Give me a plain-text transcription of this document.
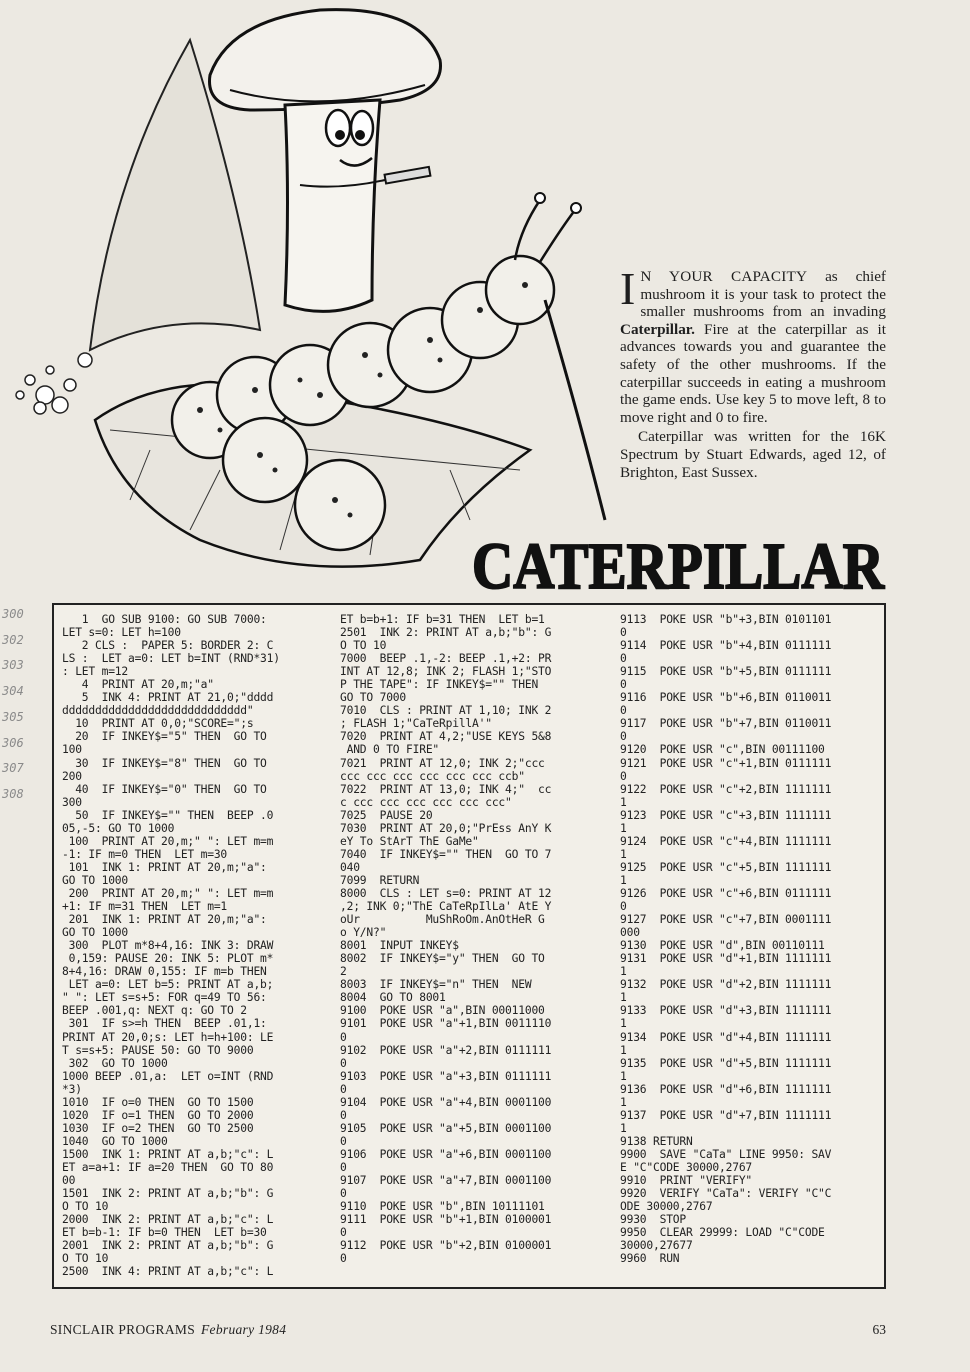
I N YOUR CAPACITY as chief mushroom it is your task to protect the smaller mushrooms from an invading Caterpillar. Fire at the caterpillar as it advances towards you and guarantee the safety of the other mushrooms. If the caterpillar succeeds in eating a mushroom the game ends. Use key 5 to move left, 8 to move right and 0 to fire.

Caterpillar was written for the 16K Spectrum by Stuart Edwards, aged 12, of Brighton, East Sussex.

CATERPILLAR
300
302
303
304
305
306
307
308
1  GO SUB 9100: GO SUB 7000:
LET s=0: LET h=100
2 CLS :  PAPER 5: BORDER 2: C
LS :  LET a=0: LET b=INT (RND*31)
: LET m=12
4  PRINT AT 20,m;"a"
5  INK 4: PRINT AT 21,0;"dddd
dddddddddddddddddddddddddddd"
10  PRINT AT 0,0;"SCORE=";s
20  IF INKEY$="5" THEN  GO TO
100
30  IF INKEY$="8" THEN  GO TO
200
40  IF INKEY$="0" THEN  GO TO
300
50  IF INKEY$="" THEN  BEEP .0
05,-5: GO TO 1000
100  PRINT AT 20,m;" ": LET m=m
-1: IF m=0 THEN  LET m=30
101  INK 1: PRINT AT 20,m;"a":
GO TO 1000
200  PRINT AT 20,m;" ": LET m=m
+1: IF m=31 THEN  LET m=1
201  INK 1: PRINT AT 20,m;"a":
GO TO 1000
300  PLOT m*8+4,16: INK 3: DRAW
0,159: PAUSE 20: INK 5: PLOT m*
8+4,16: DRAW 0,155: IF m=b THEN
LET a=0: LET b=5: PRINT AT a,b;
" ": LET s=s+5: FOR q=49 TO 56:
BEEP .001,q: NEXT q: GO TO 2
301  IF s>=h THEN  BEEP .01,1:
PRINT AT 20,0;s: LET h=h+100: LE
T s=s+5: PAUSE 50: GO TO 9000
302  GO TO 1000
1000 BEEP .01,a:  LET o=INT (RND
*3)
1010  IF o=0 THEN  GO TO 1500
1020  IF o=1 THEN  GO TO 2000
1030  IF o=2 THEN  GO TO 2500
1040  GO TO 1000
1500  INK 1: PRINT AT a,b;"c": L
ET a=a+1: IF a=20 THEN  GO TO 80
00
1501  INK 2: PRINT AT a,b;"b": G
O TO 10
2000  INK 2: PRINT AT a,b;"c": L
ET b=b-1: IF b=0 THEN  LET b=30
2001  INK 2: PRINT AT a,b;"b": G
O TO 10
2500  INK 4: PRINT AT a,b;"c": L
ET b=b+1: IF b=31 THEN  LET b=1
2501  INK 2: PRINT AT a,b;"b": G
O TO 10
7000  BEEP .1,-2: BEEP .1,+2: PR
INT AT 12,8; INK 2; FLASH 1;"STO
P THE TAPE": IF INKEY$="" THEN
GO TO 7000
7010  CLS : PRINT AT 1,10; INK 2
; FLASH 1;"CaTeRpillA'"
7020  PRINT AT 4,2;"USE KEYS 5&8
AND 0 TO FIRE"
7021  PRINT AT 12,0; INK 2;"ccc
ccc ccc ccc ccc ccc ccc ccb"
7022  PRINT AT 13,0; INK 4;"  cc
c ccc ccc ccc ccc ccc ccc"
7025  PAUSE 20
7030  PRINT AT 20,0;"PrEss AnY K
eY To StArT ThE GaMe"
7040  IF INKEY$="" THEN  GO TO 7
040
7099  RETURN
8000  CLS : LET s=0: PRINT AT 12
,2; INK 0;"ThE CaTeRpIlLa' AtE Y
oUr          MuShRoOm.AnOtHeR G
o Y/N?"
8001  INPUT INKEY$
8002  IF INKEY$="y" THEN  GO TO
2
8003  IF INKEY$="n" THEN  NEW
8004  GO TO 8001
9100  POKE USR "a",BIN 00011000
9101  POKE USR "a"+1,BIN 0011110
0
9102  POKE USR "a"+2,BIN 0111111
0
9103  POKE USR "a"+3,BIN 0111111
0
9104  POKE USR "a"+4,BIN 0001100
0
9105  POKE USR "a"+5,BIN 0001100
0
9106  POKE USR "a"+6,BIN 0001100
0
9107  POKE USR "a"+7,BIN 0001100
0
9110  POKE USR "b",BIN 10111101
9111  POKE USR "b"+1,BIN 0100001
0
9112  POKE USR "b"+2,BIN 0100001
0
9113  POKE USR "b"+3,BIN 0101101
0
9114  POKE USR "b"+4,BIN 0111111
0
9115  POKE USR "b"+5,BIN 0111111
0
9116  POKE USR "b"+6,BIN 0110011
0
9117  POKE USR "b"+7,BIN 0110011
0
9120  POKE USR "c",BIN 00111100
9121  POKE USR "c"+1,BIN 0111111
0
9122  POKE USR "c"+2,BIN 1111111
1
9123  POKE USR "c"+3,BIN 1111111
1
9124  POKE USR "c"+4,BIN 1111111
1
9125  POKE USR "c"+5,BIN 1111111
1
9126  POKE USR "c"+6,BIN 0111111
0
9127  POKE USR "c"+7,BIN 0001111
000
9130  POKE USR "d",BIN 00110111
9131  POKE USR "d"+1,BIN 1111111
1
9132  POKE USR "d"+2,BIN 1111111
1
9133  POKE USR "d"+3,BIN 1111111
1
9134  POKE USR "d"+4,BIN 1111111
1
9135  POKE USR "d"+5,BIN 1111111
1
9136  POKE USR "d"+6,BIN 1111111
1
9137  POKE USR "d"+7,BIN 1111111
1
9138 RETURN
9900  SAVE "CaTa" LINE 9950: SAV
E "C"CODE 30000,2767
9910  PRINT "VERIFY"
9920  VERIFY "CaTa": VERIFY "C"C
ODE 30000,2767
9930  STOP
9950  CLEAR 29999: LOAD "C"CODE
30000,27677
9960  RUN
SINCLAIR PROGRAMS February 1984	63
